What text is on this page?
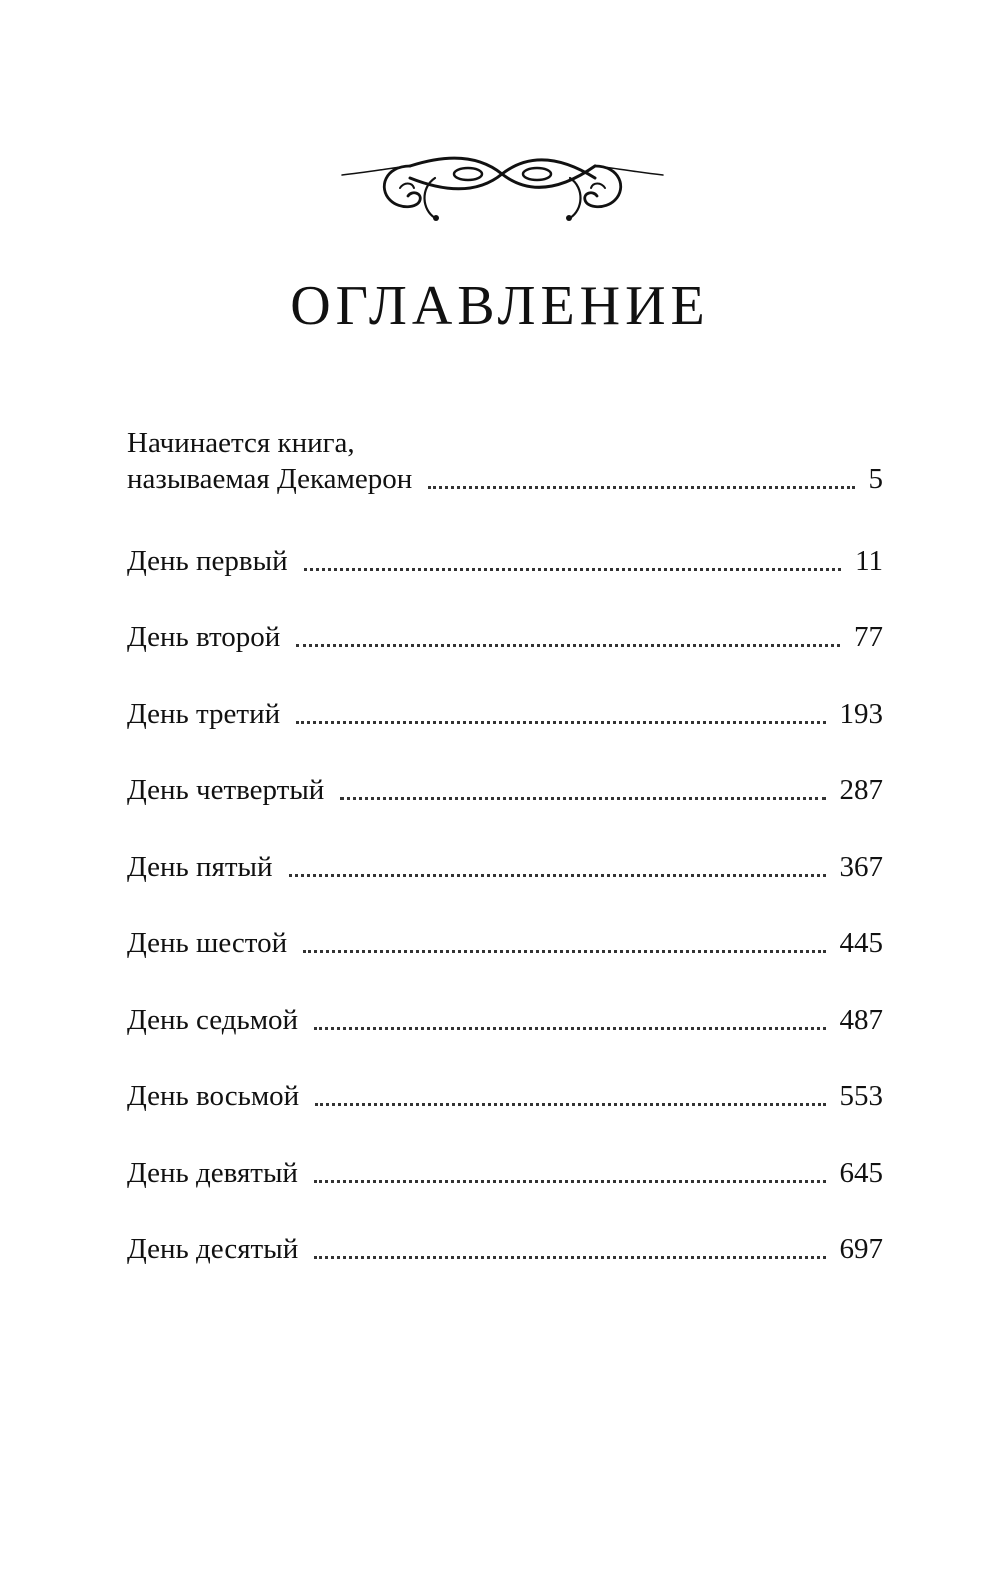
ОГЛАВЛЕНИЕ
Начинается книга,
называемая Декамерон	5
День первый	11
День второй	77
День третий	193
День четвертый	287
День пятый	367
День шестой	445
День седьмой	487
День восьмой	553
День девятый	645
День десятый	697
